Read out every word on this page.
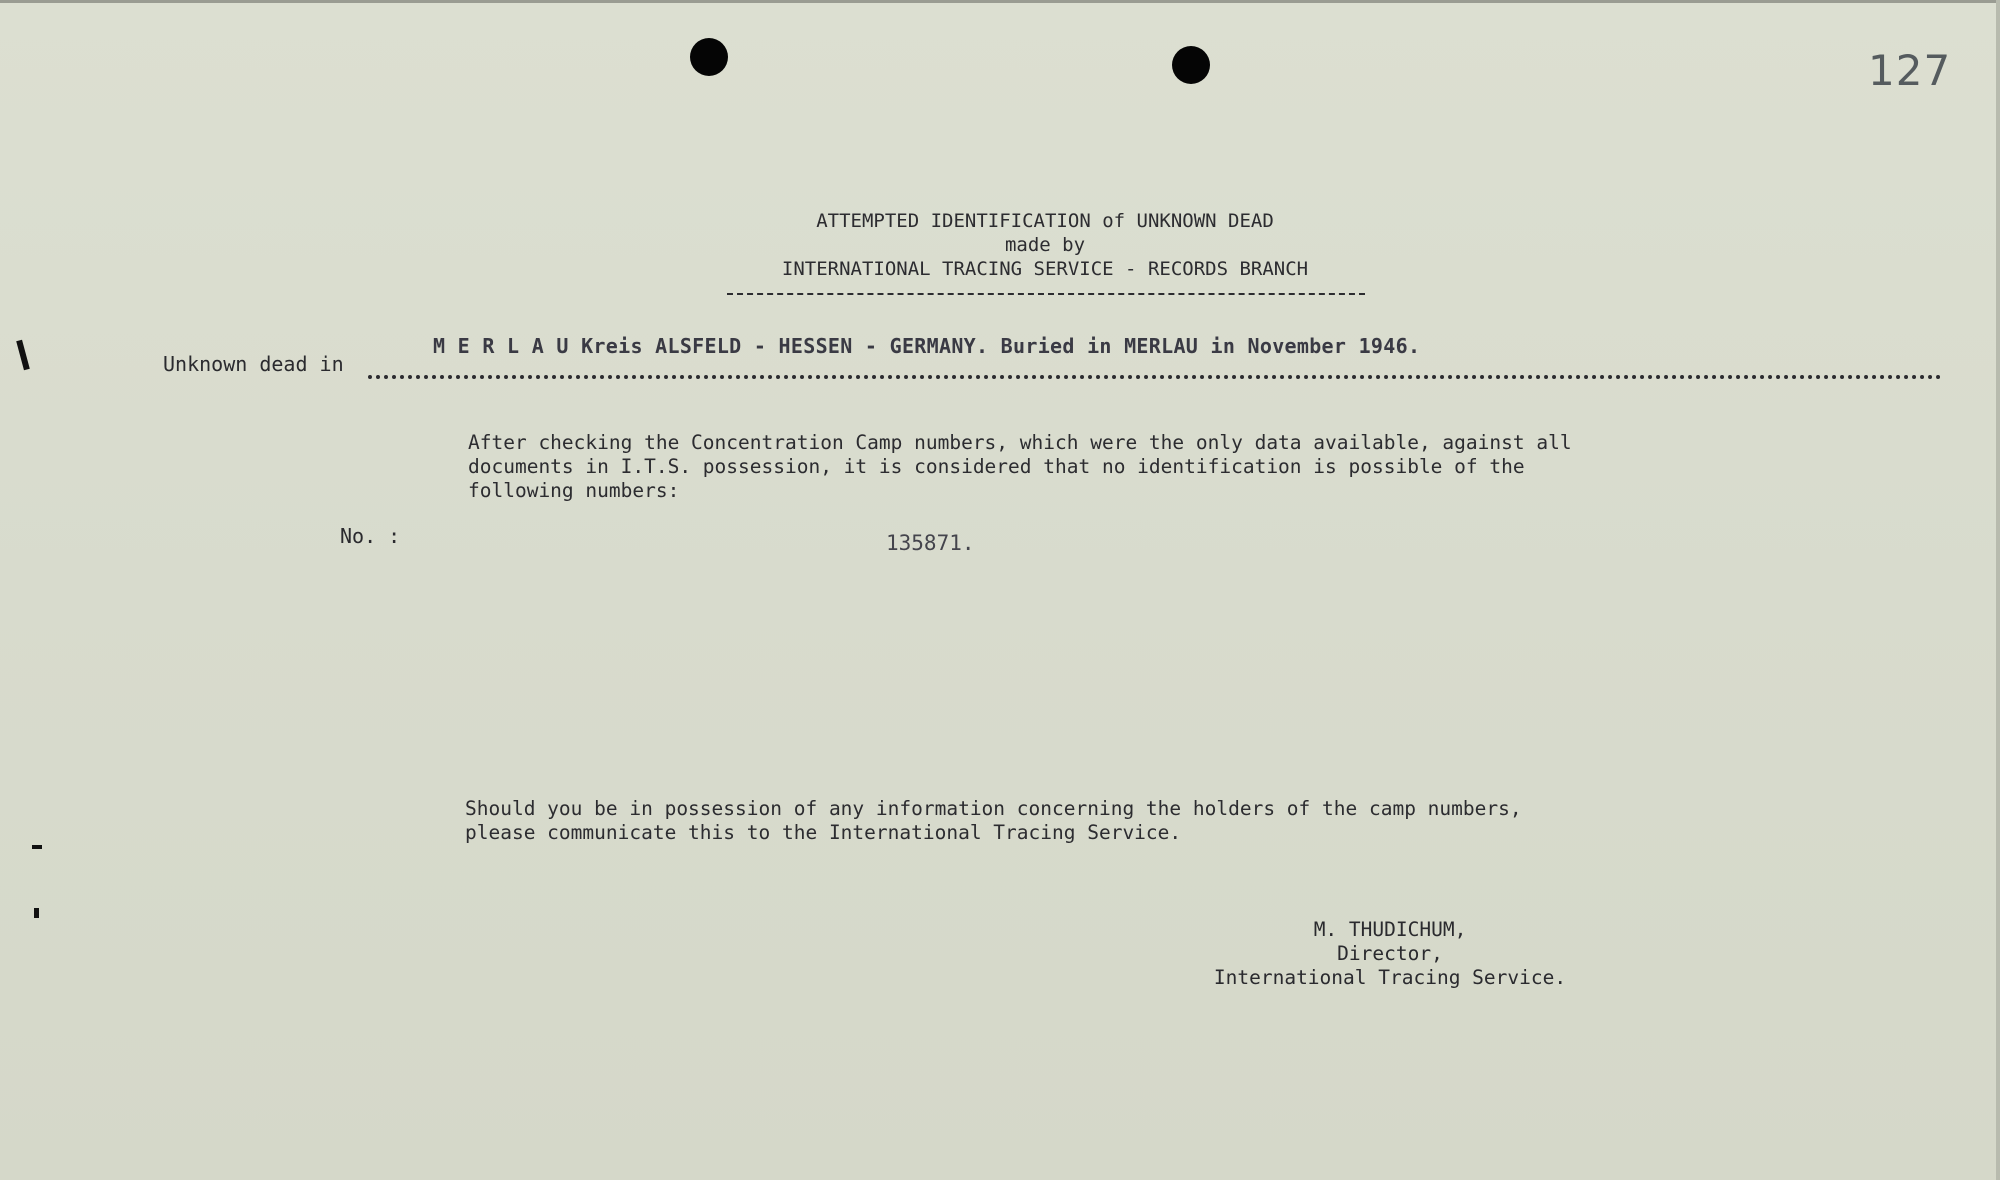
127
ATTEMPTED IDENTIFICATION of UNKNOWN DEAD
made by
INTERNATIONAL TRACING SERVICE - RECORDS BRANCH
Unknown dead in
M E R L A U Kreis ALSFELD - HESSEN - GERMANY. Buried in MERLAU in November 1946.
After checking the Concentration Camp numbers, which were the only data available, against all
documents in I.T.S. possession, it is considered that no identification is possible of the
following numbers:
No. :	135871.
Should you be in possession of any information concerning the holders of the camp numbers,
please communicate this to the International Tracing Service.
M. THUDICHUM,
Director,
International Tracing Service.
